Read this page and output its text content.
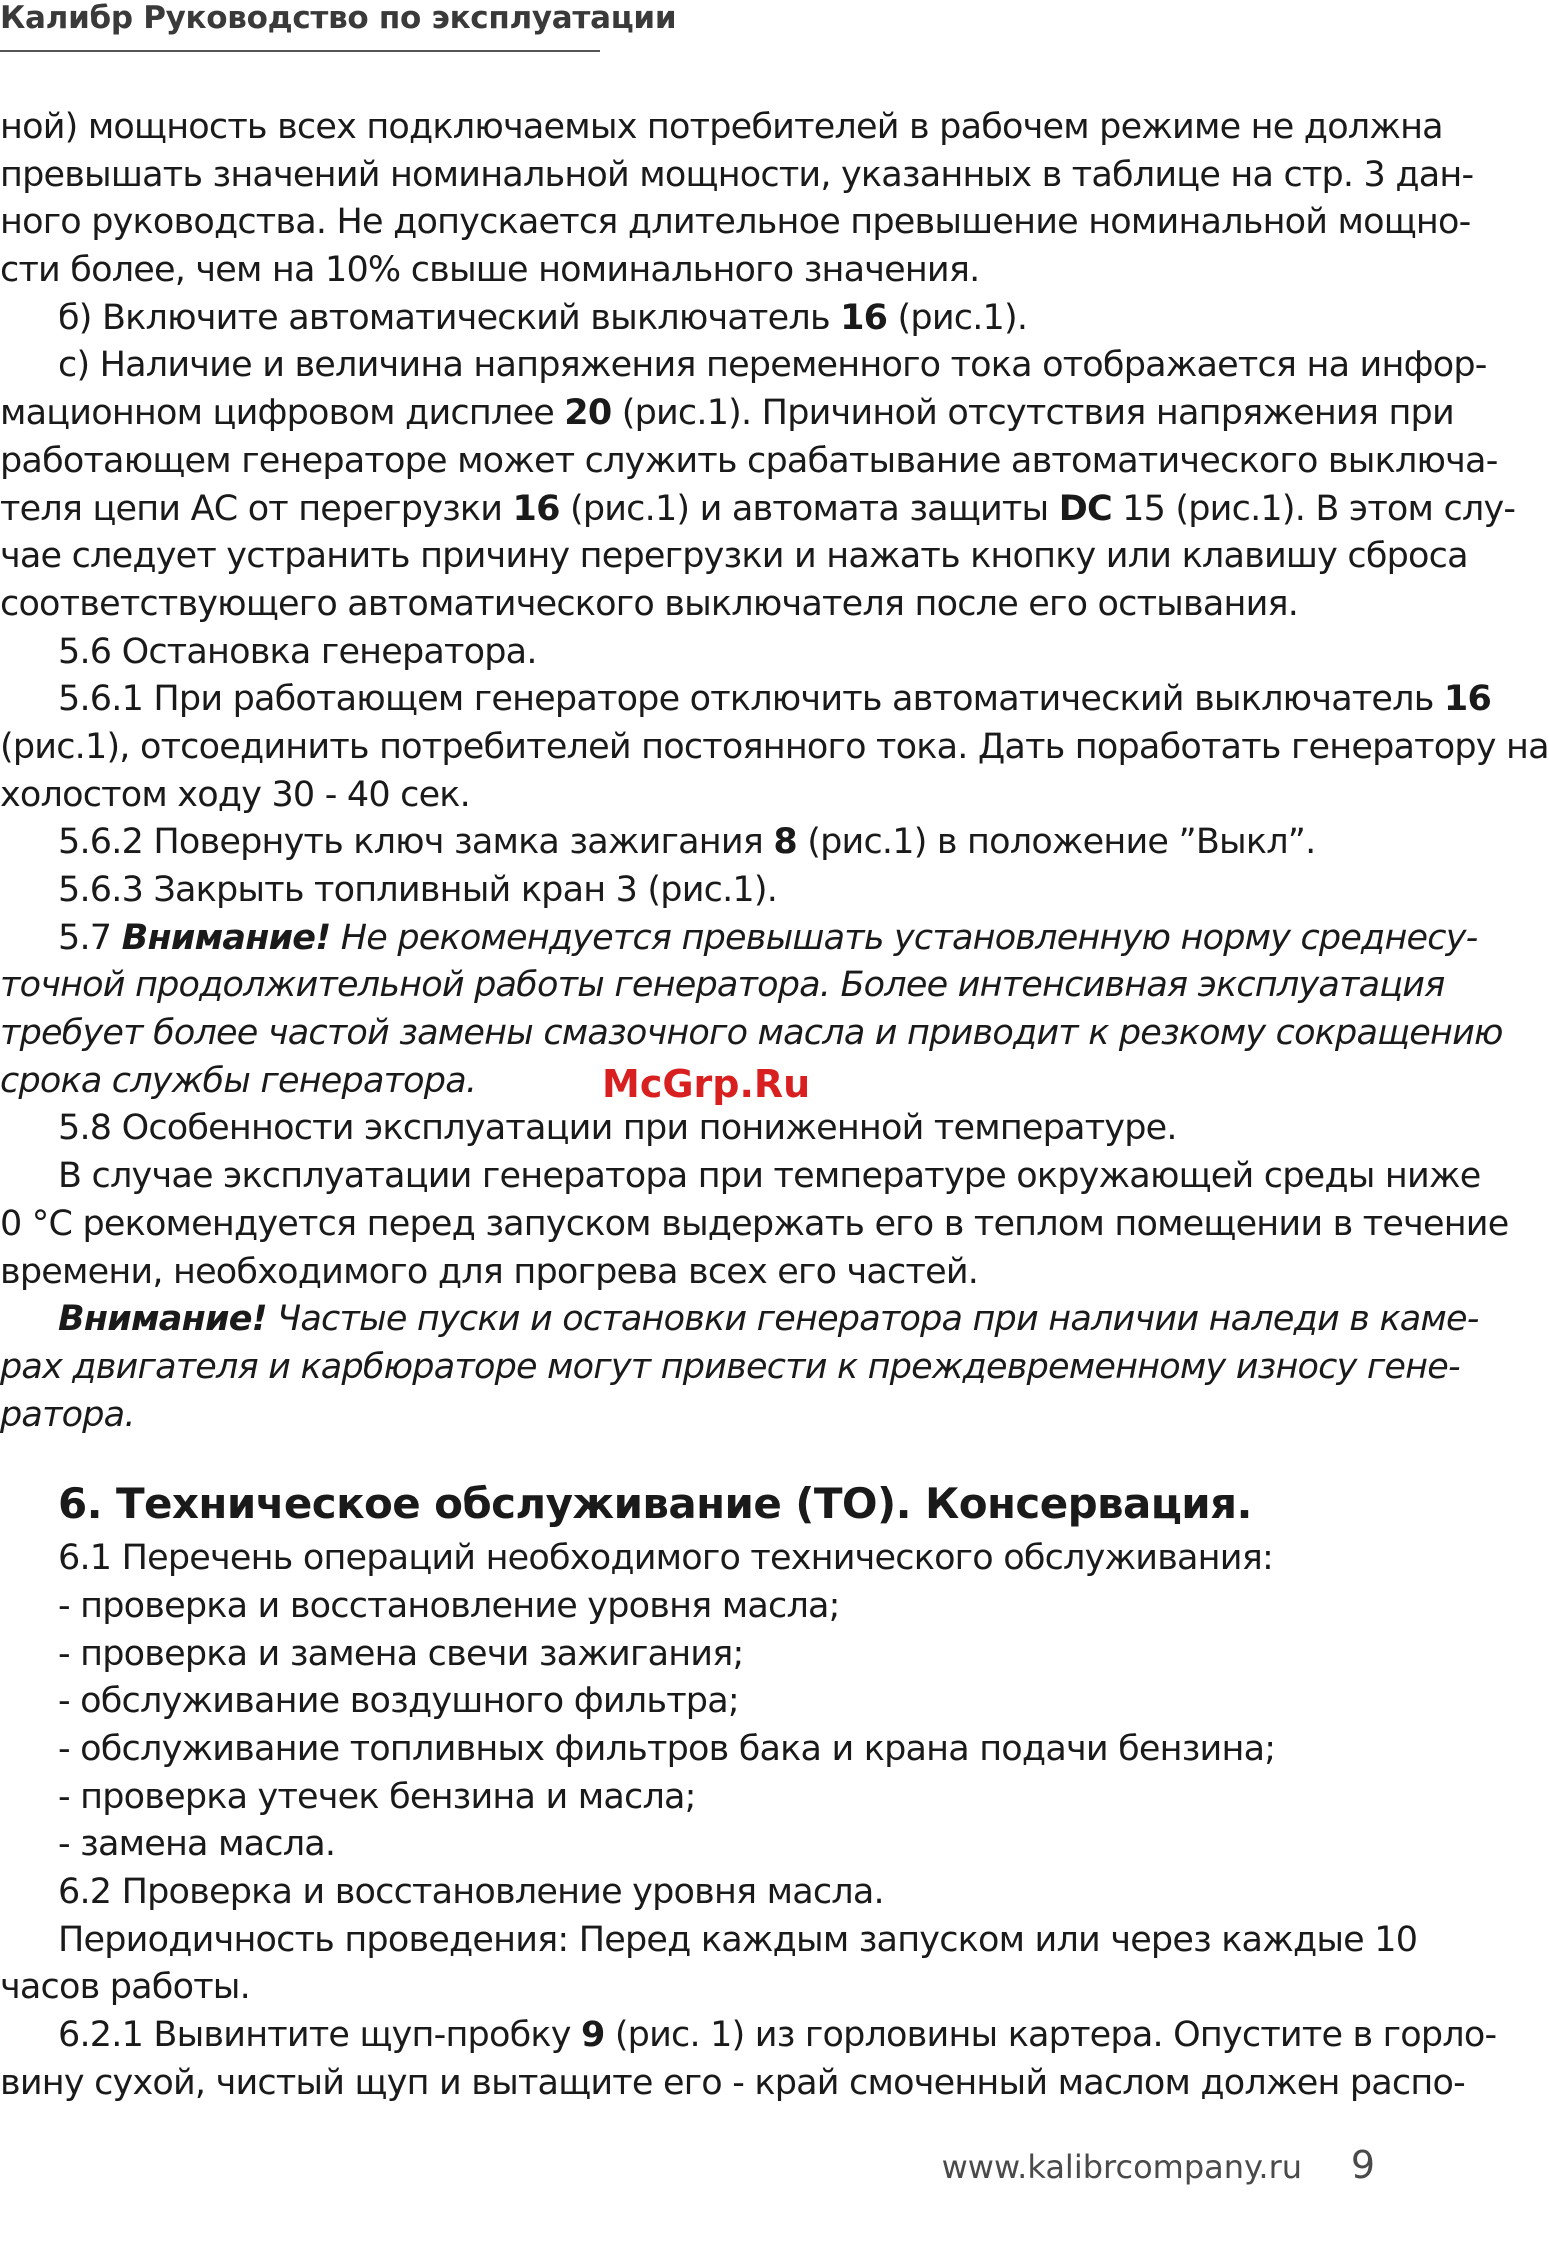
Калибр Руководство по эксплуатации
ной) мощность всех подключаемых потребителей в рабочем режиме не должна
превышать значений номинальной мощности, указанных в таблице на стр. 3 дан-
ного руководства. Не допускается длительное превышение номинальной мощно-
сти более, чем на 10% свыше номинального значения.
б) Включите автоматический выключатель 16 (рис.1).
с) Наличие и величина напряжения переменного тока отображается на инфор-
мационном цифровом дисплее 20 (рис.1). Причиной отсутствия напряжения при
работающем генераторе может служить срабатывание автоматического выключа-
теля цепи АС от перегрузки 16 (рис.1) и автомата защиты DC 15 (рис.1). В этом слу-
чае следует устранить причину перегрузки и нажать кнопку или клавишу сброса
соответствующего автоматического выключателя после его остывания.
5.6 Остановка генератора.
5.6.1 При работающем генераторе отключить автоматический выключатель 16
(рис.1), отсоединить потребителей постоянного тока. Дать поработать генератору на
холостом ходу 30 - 40 сек.
5.6.2 Повернуть ключ замка зажигания 8 (рис.1) в положение ”Выкл”.
5.6.3 Закрыть топливный кран 3 (рис.1).
5.7 Внимание! Не рекомендуется превышать установленную норму среднесу-
точной продолжительной работы генератора. Более интенсивная эксплуатация
требует более частой замены смазочного масла и приводит к резкому сокращению
срока службы генератора.
5.8 Особенности эксплуатации при пониженной температуре.
В случае эксплуатации генератора при температуре окружающей среды ниже
0 °С рекомендуется перед запуском выдержать его в теплом помещении в течение
времени, необходимого для прогрева всех его частей.
Внимание! Частые пуски и остановки генератора при наличии наледи в каме-
рах двигателя и карбюраторе могут привести к преждевременному износу гене-
ратора.
6. Техническое обслуживание (ТО). Консервация.
6.1 Перечень операций необходимого технического обслуживания:
- проверка и восстановление уровня масла;
- проверка и замена свечи зажигания;
- обслуживание воздушного фильтра;
- обслуживание топливных фильтров бака и крана подачи бензина;
- проверка утечек бензина и масла;
- замена масла.
6.2 Проверка и восстановление уровня масла.
Периодичность проведения: Перед каждым запуском или через каждые 10
часов работы.
6.2.1 Вывинтите щуп-пробку 9 (рис. 1) из горловины картера. Опустите в горло-
вину сухой, чистый щуп и вытащите его - край смоченный маслом должен распо-
McGrp.Ru
www.kalibrcompany.ru 9
